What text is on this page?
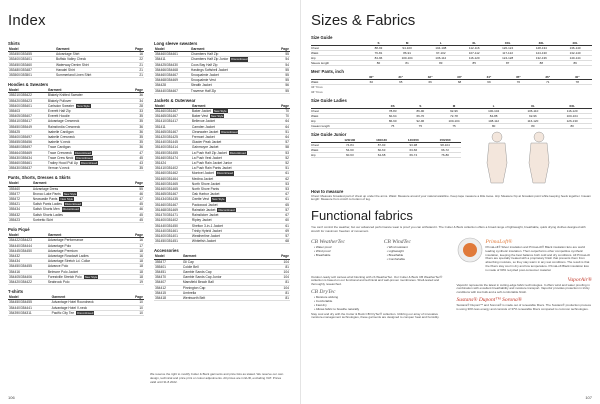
Index
Shirts
Model	Garment	Page
353450/353455	Advantage Shirt	16
353400/353401	Buffalo Valley Check	22
353450/353460	Waterway Denim Shirt	21
353480/353487	Hanalei Shirt	21
353500/353501	Summerland Linen Shirt	21
Hoodies & Sweaters
Model	Garment	Page
355210/355422	Blakely Knitted Sweater	36
355420/355423	Blakely Pullover	34
355400/355401	Carlsdon Sweater New Style	28
355403	Everett Half Zip	33
355405/355407	Everett Hoodie	35
355410/355417	Advantage Crewneck	35
355450/355449	Rainsfordia Crewneck	36
355425	Isabelle Cardigan	36
355400/355497	Isabelle Crewneck	35
355455/355456	Isabelle V-neck	35
355480/355497	Trace Cardigan	36
355464/355469	Trace Crewneck Discontinued	47
355430/355434	Trace Crew Neck Discontinued	45
355460/355461	Trailey Hood Pull Up Discontinued	43
355430/355437	Vernon V-neck	35
Pants, Shorts, Dresses & Skirts
Model	Garment	Page
355460	Advantage Dress	55
355477	Bronco Lake Pants New Style	46
355472	Newcastle Pants New Style	47
355421	Salish Pants Ladies Discontinued	45
355434	Salish Shorts Men Discontinued	46
355432	Salish Shorts Ladies	45
355423	Sorbetto Skirt	45
Polo Piqué
Model	Garment	Page
354422/354423	Advantage Performance	16
354440/354444	Advantage Polo	17
354445/354450	Advantage Premium	18
354432	Advantage Rowdavit Ladies	16
354434	Advantage Stretch Ld. Collar	18
354450/354455	Advance Polo	18
354416	Belmore Polo Jacket	18
354405/354406	Forestville Stretch Polo New Style	18
354420/354422	Seabrook Polo	19
T-shirts
Model	Garment	Page
354450/354455	Advantage Hotel Roundneck	10
354440/354441	Advantage Hotel V-neck	10
354390/354311	Pacific City Tee Discontinued	10
Long sleeve sweaters
Model	Garment	Page
354460/354461	Chambers Half Zip	55
354411	Chambers Half Zip Junior Discontinued	54
354425/354430	Coos Bay Half Zip	54
354466/354468	Hastings Softshell Jacket	55
354460/354467	Snoqualmie Jacket	55
354468/354469	Snoqualmie Vest	55
354428	Stealth Jacket	56
354440/354467	Traverse Half Zip	55
Jackets & Outerwear
Model	Garment	Page
351460/351467	Baker Jacket New Style	70
351465/351467	Baker Vest New Style	70
351410/351417	Bellevue Jacket	64
351411	Camden Jacket	64
351465/351467	Clearwater Jacket Discontinued	51
351420/351425	Fremont Jacket	64
351440/351445	Glacier Peak Jacket	57
351400/351414	Gainmoyre Jacket	58
351450/351455	La Push Half Zip Jacket Discontinued	53
351460/351474	La Push Vest Jacket	52
351424	La Push Rain Jacket Junior	52
351410/351402	La Push Rain Pants Jacket	51
351460/351462	Montvel Jacket Discontinued	61
351460/351464	Medina Jacket	62
351460/351465	North Shore Jacket	53
351460/351465	North Shore Pants	53
351465/351467	Oak Harbor Jacket	67
351434/351435	Ozette Vest New Style	61
351460/351467	Packwood Jacket	65
351468/351469	Rainsfair Jacket Discontinued	57
351470/351471	Rainslicker Jacket	67
351400/351402	Ripley Jacket	60
351440/351450	Shelton 3-in-1 Jacket	61
351440/351461	Trinity Hybrid Jacket	69
351400/351401	Weatherline Jacket	57
351450/351451	Whitefish Jacket	68
Accessories
Model	Garment	Page
355477	Gli Cap	104
355401	Coldie Bell	81
354451	Gamble Sands Cap	104
354470	Gamble Sands Cap Junior	104
354407	Mansfield Beach Ball	81
354412	Pinnington Cap	104
354415	Umbrella	81
354418	Wentworth Belt	81
We reserve the right to modify Cutter & Buck garments and price lists as stated. We reserve our own design, technical and price print or colour adjustments. All prices are in EUR, excluding VAT. Prices valid until 31.8.2022.
106
Sizes & Fabrics
Size Guide
	S	M	L	XL	XXL	3XL	4XL
Chest	88-93	94-100	104-108	112-116	120-124	128-134	136-140
Waist	76-81	86-91	97-102	107-112	117-122	124-130	132-140
Hip	84-96	100-104	106-112	116-120	124-128	132-136	140-144
Sleeve length	80	81	83	85	87	88	89
Men' Pants, inch
	30"	31"	32"	33"	34"	35"	36"	40"
Waist	60	65	66	68	69	70	71	78
34" fit us
34" fit us
Size Guide Ladies
	XS	S	M	L	XL	XXL
Chest	78-83	86-90	92-96	100-104	106-110	116-120
Waist	60-64	66-70	72-78	84-88	92-96	100-104
Hip	86-90	92-96	100-104	108-112	116-120	126-130
Inseam length	75	75	75	80	80	80
Size Guide Junior
	120/130	130/140	140/150	150/160
Chest	74-84	87-93	93-98	98-104
Waist	54-60	60-63	63-66	66-72
Hip	60-63	64-68	69-74	76-80
How to measure
Chest: Measure broadest part of chest up under the arms. Waist: Measure around your natural waistline. Keep tape measure a little loose. Hip: Measure hip at broadest point while keeping heels together. Inseam length: Measure from crotch to bottom of leg.
Functional fabrics
You can't control the weather, but our advanced performance wear is proof you can withstand it. The Cutter & Buck collection offers a broad range of lightweight, breathable, quick drying clothes designed with stretch for maximum freedom of movement.
CB WeatherTec
• Water proof
• Wind proof
• Breathable
CB WindTec
• Wind resistant
• Lightweight
• Breathable
• Comfortable
PrimaLoft®
PrimaLoft® Silver insulation and PrimaLoft® Black insulation Eco are world leading synthetic insulation. Their outperforms other competitive synthetic insulation, keeping the best balance both cold and dry conditions. All PrimaLoft fibers are specially treated with a proprietary finish that prevents them from absorbing moisture, so they stay warm in any wet conditions. The result is that the fibers stay cool in dry and low temperature. PrimaLoft Black insulation Eco is made of 60% recycled post-consumer material.
Outdoor-ready soft canvas wind blocking with cb WeatherTec. Our Cutter & Buck CB WeatherTec® collection is based on our functional and technical and well-proven membranes. Shell-tested and thoroughly researched.
CB DryTec
• Moisture wicking
• Comfortable
• Fast dry
• Allows fabric to breathe naturally
Stay cool and dry with the Cutter & Buck CB DryTec® collection. Utilizing our array of innovative moisture-management technologies, these garments are designed to conquer heat and humidity.
VaporAir®
VaporAir represents the latest in cutting-edge fabric technologies. It offers wind and water proofing in combination with excellent breathability and moisture transport. VaporAir provides protection in tricky conditions with low bulk and a soft comfortable finish.
Sustans® Dupont™ Sorona®
Sustans® Dupont™ and Sorona® is made out of renewable fibers. The Sustans® production process is using 30% less energy and consists of 37% renewable fibers compared to common technologies.
107
